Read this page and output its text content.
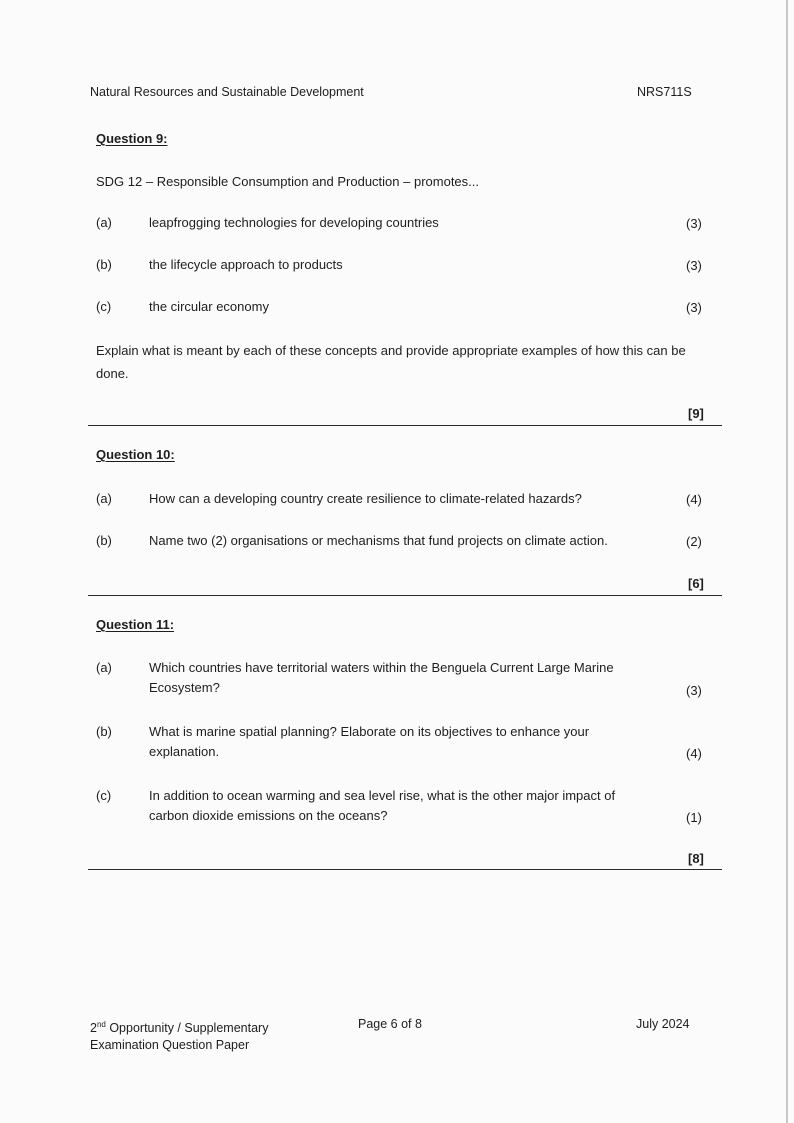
Natural Resources and Sustainable Development	NRS711S
Question 9:
SDG 12 – Responsible Consumption and Production – promotes...
(a)	leapfrogging technologies for developing countries	(3)
(b)	the lifecycle approach to products	(3)
(c)	the circular economy	(3)
Explain what is meant by each of these concepts and provide appropriate examples of how this can be done.
[9]
Question 10:
(a)	How can a developing country create resilience to climate-related hazards?	(4)
(b)	Name two (2) organisations or mechanisms that fund projects on climate action.	(2)
[6]
Question 11:
(a)	Which countries have territorial waters within the Benguela Current Large Marine Ecosystem?	(3)
(b)	What is marine spatial planning? Elaborate on its objectives to enhance your explanation.	(4)
(c)	In addition to ocean warming and sea level rise, what is the other major impact of carbon dioxide emissions on the oceans?	(1)
[8]
2nd Opportunity / Supplementary
Examination Question Paper
Page 6 of 8	July 2024
